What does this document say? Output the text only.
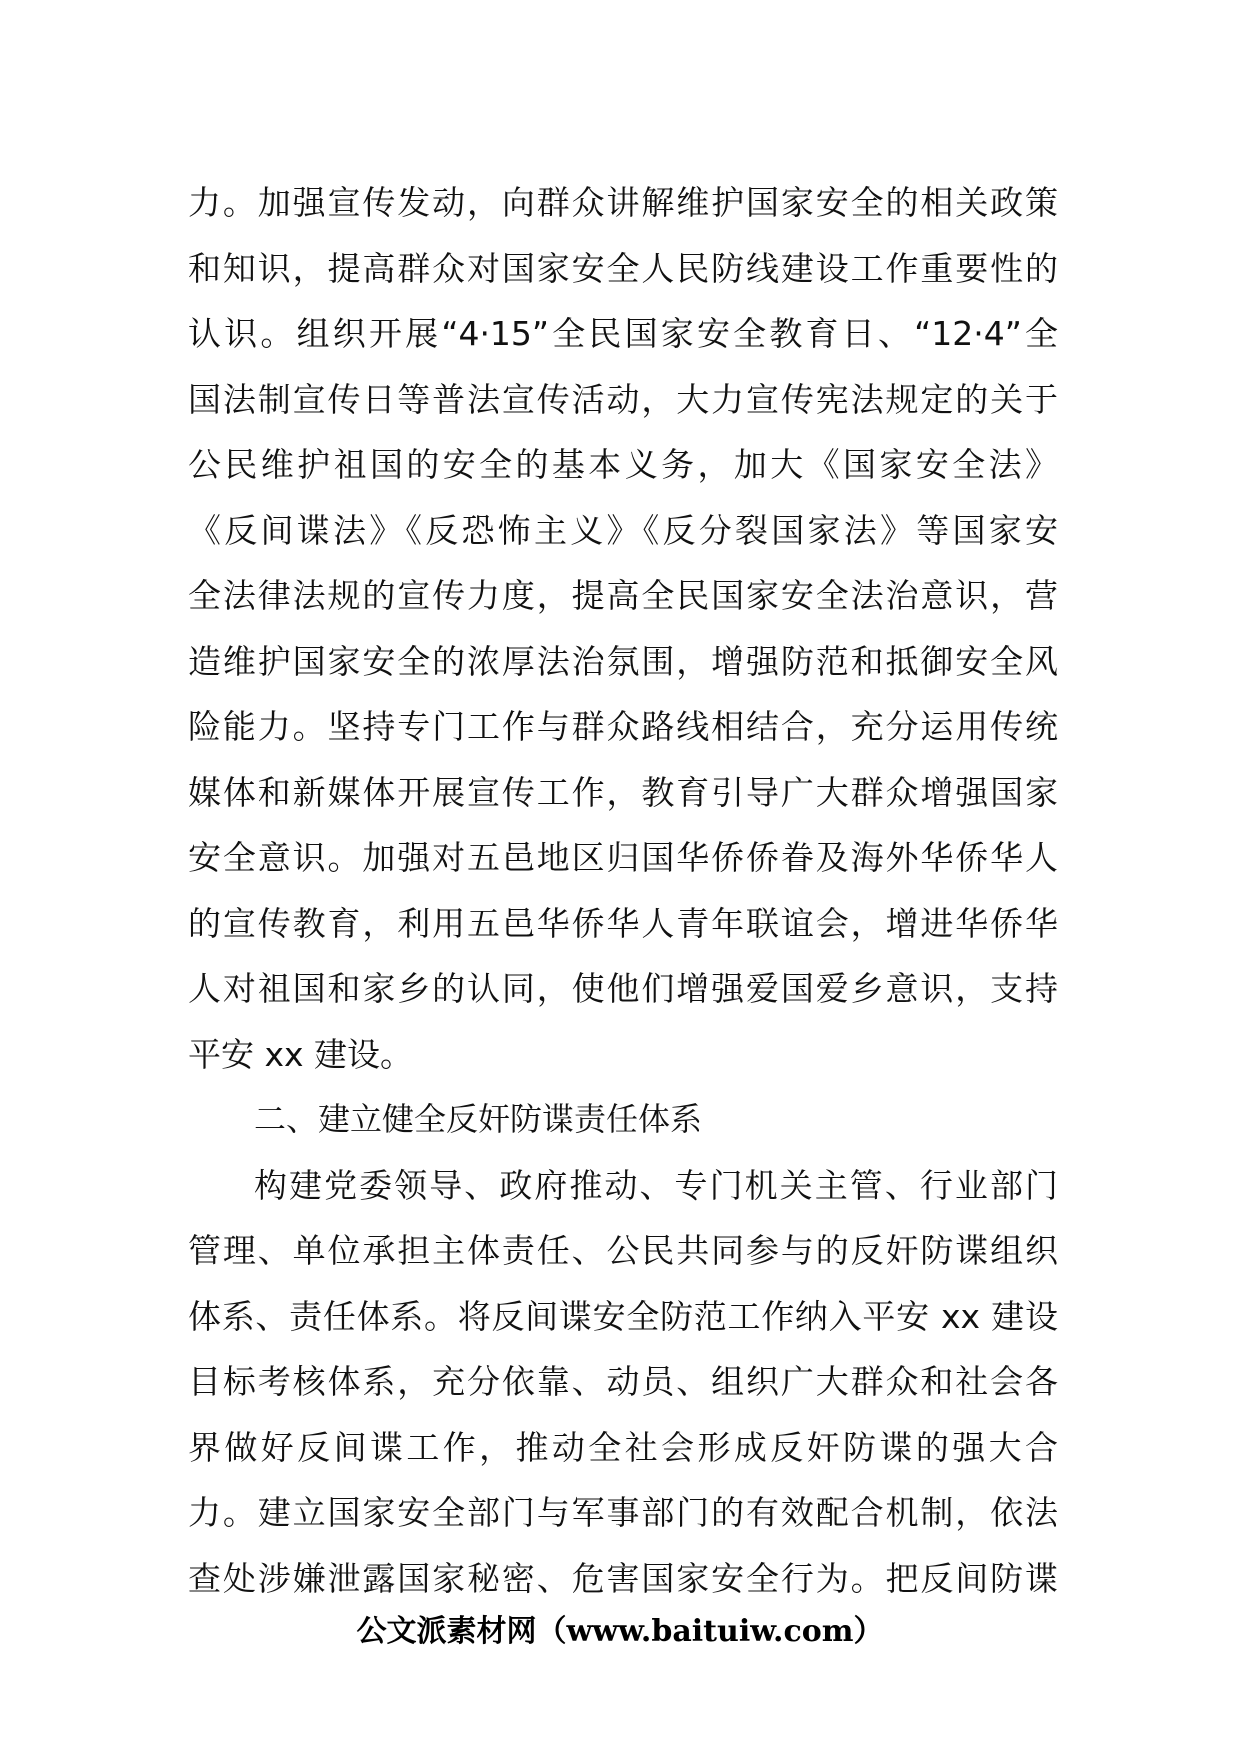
力。加强宣传发动，向群众讲解维护国家安全的相关政策
和知识，提高群众对国家安全人民防线建设工作重要性的
认识。组织开展“4·15”全民国家安全教育日、“12·4”全
国法制宣传日等普法宣传活动，大力宣传宪法规定的关于
公民维护祖国的安全的基本义务，加大《国家安全法》
《反间谍法》《反恐怖主义》《反分裂国家法》等国家安
全法律法规的宣传力度，提高全民国家安全法治意识，营
造维护国家安全的浓厚法治氛围，增强防范和抵御安全风
险能力。坚持专门工作与群众路线相结合，充分运用传统
媒体和新媒体开展宣传工作，教育引导广大群众增强国家
安全意识。加强对五邑地区归国华侨侨眷及海外华侨华人
的宣传教育，利用五邑华侨华人青年联谊会，增进华侨华
人对祖国和家乡的认同，使他们增强爱国爱乡意识，支持
平安 xx 建设。
二、建立健全反奸防谍责任体系
构建党委领导、政府推动、专门机关主管、行业部门
管理、单位承担主体责任、公民共同参与的反奸防谍组织
体系、责任体系。将反间谍安全防范工作纳入平安 xx 建设
目标考核体系，充分依靠、动员、组织广大群众和社会各
界做好反间谍工作，推动全社会形成反奸防谍的强大合
力。建立国家安全部门与军事部门的有效配合机制，依法
查处涉嫌泄露国家秘密、危害国家安全行为。把反间防谍
公文派素材网（www.baituiw.com）
